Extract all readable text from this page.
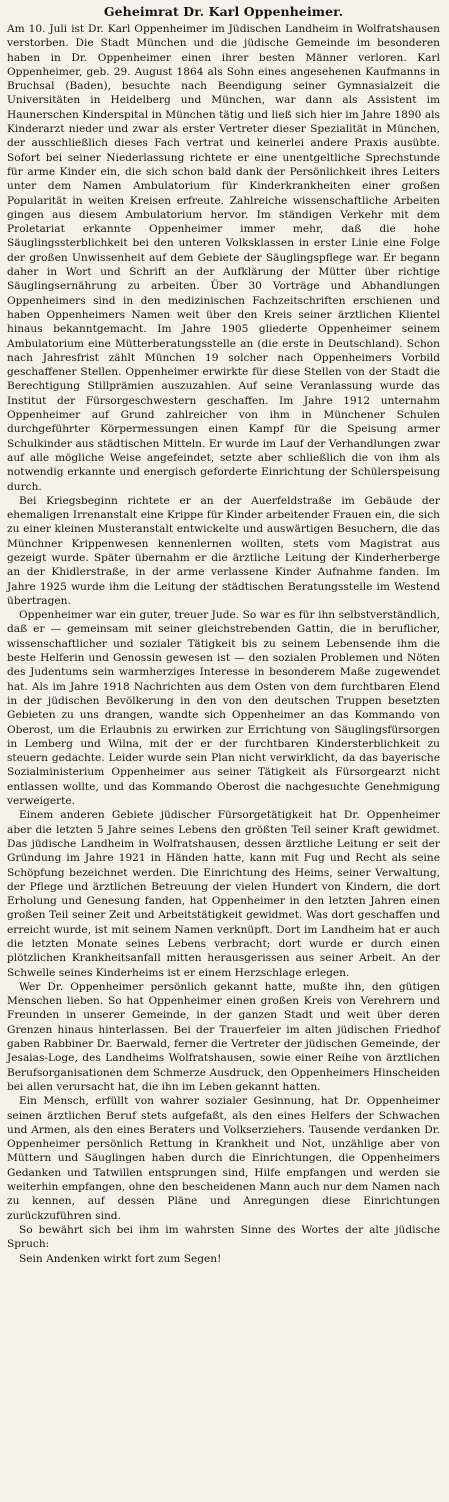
Geheimrat Dr. Karl Oppenheimer.

Am 10. Juli ist Dr. Karl Oppenheimer im Jüdischen Landheim in Wolfratshausen verstorben. Die Stadt München und die jüdische Gemeinde im besonderen haben in Dr. Oppenheimer einen ihrer besten Männer verloren. Karl Oppenheimer, geb. 29. August 1864 als Sohn eines angesehenen Kaufmanns in Bruchsal (Baden), besuchte nach Beendigung seiner Gymnasialzeit die Universitäten in Heidelberg und München, war dann als Assistent im Haunerschen Kinderspital in München tätig und ließ sich hier im Jahre 1890 als Kinderarzt nieder und zwar als erster Vertreter dieser Spezialität in München, der ausschließlich dieses Fach vertrat und keinerlei andere Praxis ausübte. Sofort bei seiner Niederlassung richtete er eine unentgeltliche Sprechstunde für arme Kinder ein, die sich schon bald dank der Persönlichkeit ihres Leiters unter dem Namen Ambulatorium für Kinderkrankheiten einer großen Popularität in weiten Kreisen erfreute. Zahlreiche wissenschaftliche Arbeiten gingen aus diesem Ambulatorium hervor. Im ständigen Verkehr mit dem Proletariat erkannte Oppenheimer immer mehr, daß die hohe Säuglingssterblichkeit bei den unteren Volksklassen in erster Linie eine Folge der großen Unwissenheit auf dem Gebiete der Säuglingspflege war. Er begann daher in Wort und Schrift an der Aufklärung der Mütter über richtige Säuglingsernährung zu arbeiten. Über 30 Vorträge und Abhandlungen Oppenheimers sind in den medizinischen Fachzeitschriften erschienen und haben Oppenheimers Namen weit über den Kreis seiner ärztlichen Klientel hinaus bekanntgemacht. Im Jahre 1905 gliederte Oppenheimer seinem Ambulatorium eine Mütterberatungsstelle an (die erste in Deutschland). Schon nach Jahresfrist zählt München 19 solcher nach Oppenheimers Vorbild geschaffener Stellen. Oppenheimer erwirkte für diese Stellen von der Stadt die Berechtigung Stillprämien auszuzahlen. Auf seine Veranlassung wurde das Institut der Fürsorgeschwestern geschaffen. Im Jahre 1912 unternahm Oppenheimer auf Grund zahlreicher von ihm in Münchener Schulen durchgeführter Körpermessungen einen Kampf für die Speisung armer Schulkinder aus städtischen Mitteln. Er wurde im Lauf der Verhandlungen zwar auf alle mögliche Weise angefeindet, setzte aber schließlich die von ihm als notwendig erkannte und energisch geforderte Einrichtung der Schülerspeisung durch.

Bei Kriegsbeginn richtete er an der Auerfeldstraße im Gebäude der ehemaligen Irrenanstalt eine Krippe für Kinder arbeitender Frauen ein, die sich zu einer kleinen Musteranstalt entwickelte und auswärtigen Besuchern, die das Münchner Krippenwesen kennenlernen wollten, stets vom Magistrat aus gezeigt wurde. Später übernahm er die ärztliche Leitung der Kinderherberge an der Khidlerstraße, in der arme verlassene Kinder Aufnahme fanden. Im Jahre 1925 wurde ihm die Leitung der städtischen Beratungsstelle im Westend übertragen.

Oppenheimer war ein guter, treuer Jude. So war es für ihn selbstverständlich, daß er — gemeinsam mit seiner gleichstrebenden Gattin, die in beruflicher, wissenschaftlicher und sozialer Tätigkeit bis zu seinem Lebensende ihm die beste Helferin und Genossin gewesen ist — den sozialen Problemen und Nöten des Judentums sein warmherziges Interesse in besonderem Maße zugewendet hat. Als im Jahre 1918 Nachrichten aus dem Osten von dem furchtbaren Elend in der jüdischen Bevölkerung in den von den deutschen Truppen besetzten Gebieten zu uns drangen, wandte sich Oppenheimer an das Kommando von Oberost, um die Erlaubnis zu erwirken zur Errichtung von Säuglingsfürsorgen in Lemberg und Wilna, mit der er der furchtbaren Kindersterblichkeit zu steuern gedachte. Leider wurde sein Plan nicht verwirklicht, da das bayerische Sozialministerium Oppenheimer aus seiner Tätigkeit als Fürsorgearzt nicht entlassen wollte, und das Kommando Oberost die nachgesuchte Genehmigung verweigerte.

Einem anderen Gebiete jüdischer Fürsorgetätigkeit hat Dr. Oppenheimer aber die letzten 5 Jahre seines Lebens den größten Teil seiner Kraft gewidmet. Das jüdische Landheim in Wolfratshausen, dessen ärztliche Leitung er seit der Gründung im Jahre 1921 in Händen hatte, kann mit Fug und Recht als seine Schöpfung bezeichnet werden. Die Einrichtung des Heims, seiner Verwaltung, der Pflege und ärztlichen Betreuung der vielen Hundert von Kindern, die dort Erholung und Genesung fanden, hat Oppenheimer in den letzten Jahren einen großen Teil seiner Zeit und Arbeitstätigkeit gewidmet. Was dort geschaffen und erreicht wurde, ist mit seinem Namen verknüpft. Dort im Landheim hat er auch die letzten Monate seines Lebens verbracht; dort wurde er durch einen plötzlichen Krankheitsanfall mitten herausgerissen aus seiner Arbeit. An der Schwelle seines Kinderheims ist er einem Herzschlage erlegen.

Wer Dr. Oppenheimer persönlich gekannt hatte, mußte ihn, den gütigen Menschen lieben. So hat Oppenheimer einen großen Kreis von Verehrern und Freunden in unserer Gemeinde, in der ganzen Stadt und weit über deren Grenzen hinaus hinterlassen. Bei der Trauerfeier im alten jüdischen Friedhof gaben Rabbiner Dr. Baerwald, ferner die Vertreter der jüdischen Gemeinde, der Jesaias-Loge, des Landheims Wolfratshausen, sowie einer Reihe von ärztlichen Berufsorganisationen dem Schmerze Ausdruck, den Oppenheimers Hinscheiden bei allen verursacht hat, die ihn im Leben gekannt hatten.

Ein Mensch, erfüllt von wahrer sozialer Gesinnung, hat Dr. Oppenheimer seinen ärztlichen Beruf stets aufgefaßt, als den eines Helfers der Schwachen und Armen, als den eines Beraters und Volkserziehers. Tausende verdanken Dr. Oppenheimer persönlich Rettung in Krankheit und Not, unzählige aber von Müttern und Säuglingen haben durch die Einrichtungen, die Oppenheimers Gedanken und Tatwillen entsprungen sind, Hilfe empfangen und werden sie weiterhin empfangen, ohne den bescheidenen Mann auch nur dem Namen nach zu kennen, auf dessen Pläne und Anregungen diese Einrichtungen zurückzuführen sind.

So bewährt sich bei ihm im wahrsten Sinne des Wortes der alte jüdische Spruch:

Sein Andenken wirkt fort zum Segen!
